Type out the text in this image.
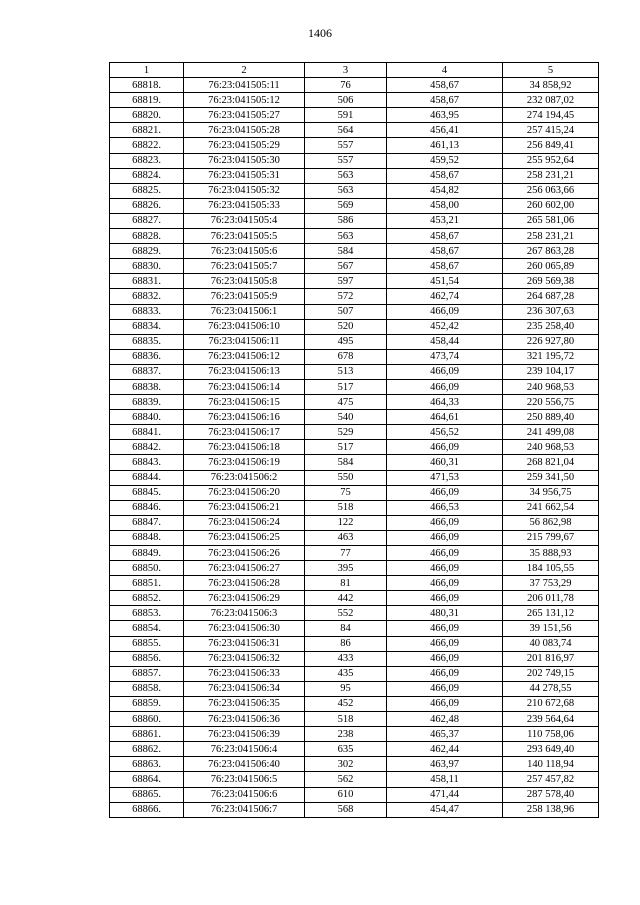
1406
1	2	3	4	5
68818.	76:23:041505:11	76	458,67	34 858,92
68819.	76:23:041505:12	506	458,67	232 087,02
68820.	76:23:041505:27	591	463,95	274 194,45
68821.	76:23:041505:28	564	456,41	257 415,24
68822.	76:23:041505:29	557	461,13	256 849,41
68823.	76:23:041505:30	557	459,52	255 952,64
68824.	76:23:041505:31	563	458,67	258 231,21
68825.	76:23:041505:32	563	454,82	256 063,66
68826.	76:23:041505:33	569	458,00	260 602,00
68827.	76:23:041505:4	586	453,21	265 581,06
68828.	76:23:041505:5	563	458,67	258 231,21
68829.	76:23:041505:6	584	458,67	267 863,28
68830.	76:23:041505:7	567	458,67	260 065,89
68831.	76:23:041505:8	597	451,54	269 569,38
68832.	76:23:041505:9	572	462,74	264 687,28
68833.	76:23:041506:1	507	466,09	236 307,63
68834.	76:23:041506:10	520	452,42	235 258,40
68835.	76:23:041506:11	495	458,44	226 927,80
68836.	76:23:041506:12	678	473,74	321 195,72
68837.	76:23:041506:13	513	466,09	239 104,17
68838.	76:23:041506:14	517	466,09	240 968,53
68839.	76:23:041506:15	475	464,33	220 556,75
68840.	76:23:041506:16	540	464,61	250 889,40
68841.	76:23:041506:17	529	456,52	241 499,08
68842.	76:23:041506:18	517	466,09	240 968,53
68843.	76:23:041506:19	584	460,31	268 821,04
68844.	76:23:041506:2	550	471,53	259 341,50
68845.	76:23:041506:20	75	466,09	34 956,75
68846.	76:23:041506:21	518	466,53	241 662,54
68847.	76:23:041506:24	122	466,09	56 862,98
68848.	76:23:041506:25	463	466,09	215 799,67
68849.	76:23:041506:26	77	466,09	35 888,93
68850.	76:23:041506:27	395	466,09	184 105,55
68851.	76:23:041506:28	81	466,09	37 753,29
68852.	76:23:041506:29	442	466,09	206 011,78
68853.	76:23:041506:3	552	480,31	265 131,12
68854.	76:23:041506:30	84	466,09	39 151,56
68855.	76:23:041506:31	86	466,09	40 083,74
68856.	76:23:041506:32	433	466,09	201 816,97
68857.	76:23:041506:33	435	466,09	202 749,15
68858.	76:23:041506:34	95	466,09	44 278,55
68859.	76:23:041506:35	452	466,09	210 672,68
68860.	76:23:041506:36	518	462,48	239 564,64
68861.	76:23:041506:39	238	465,37	110 758,06
68862.	76:23:041506:4	635	462,44	293 649,40
68863.	76:23:041506:40	302	463,97	140 118,94
68864.	76:23:041506:5	562	458,11	257 457,82
68865.	76:23:041506:6	610	471,44	287 578,40
68866.	76:23:041506:7	568	454,47	258 138,96
